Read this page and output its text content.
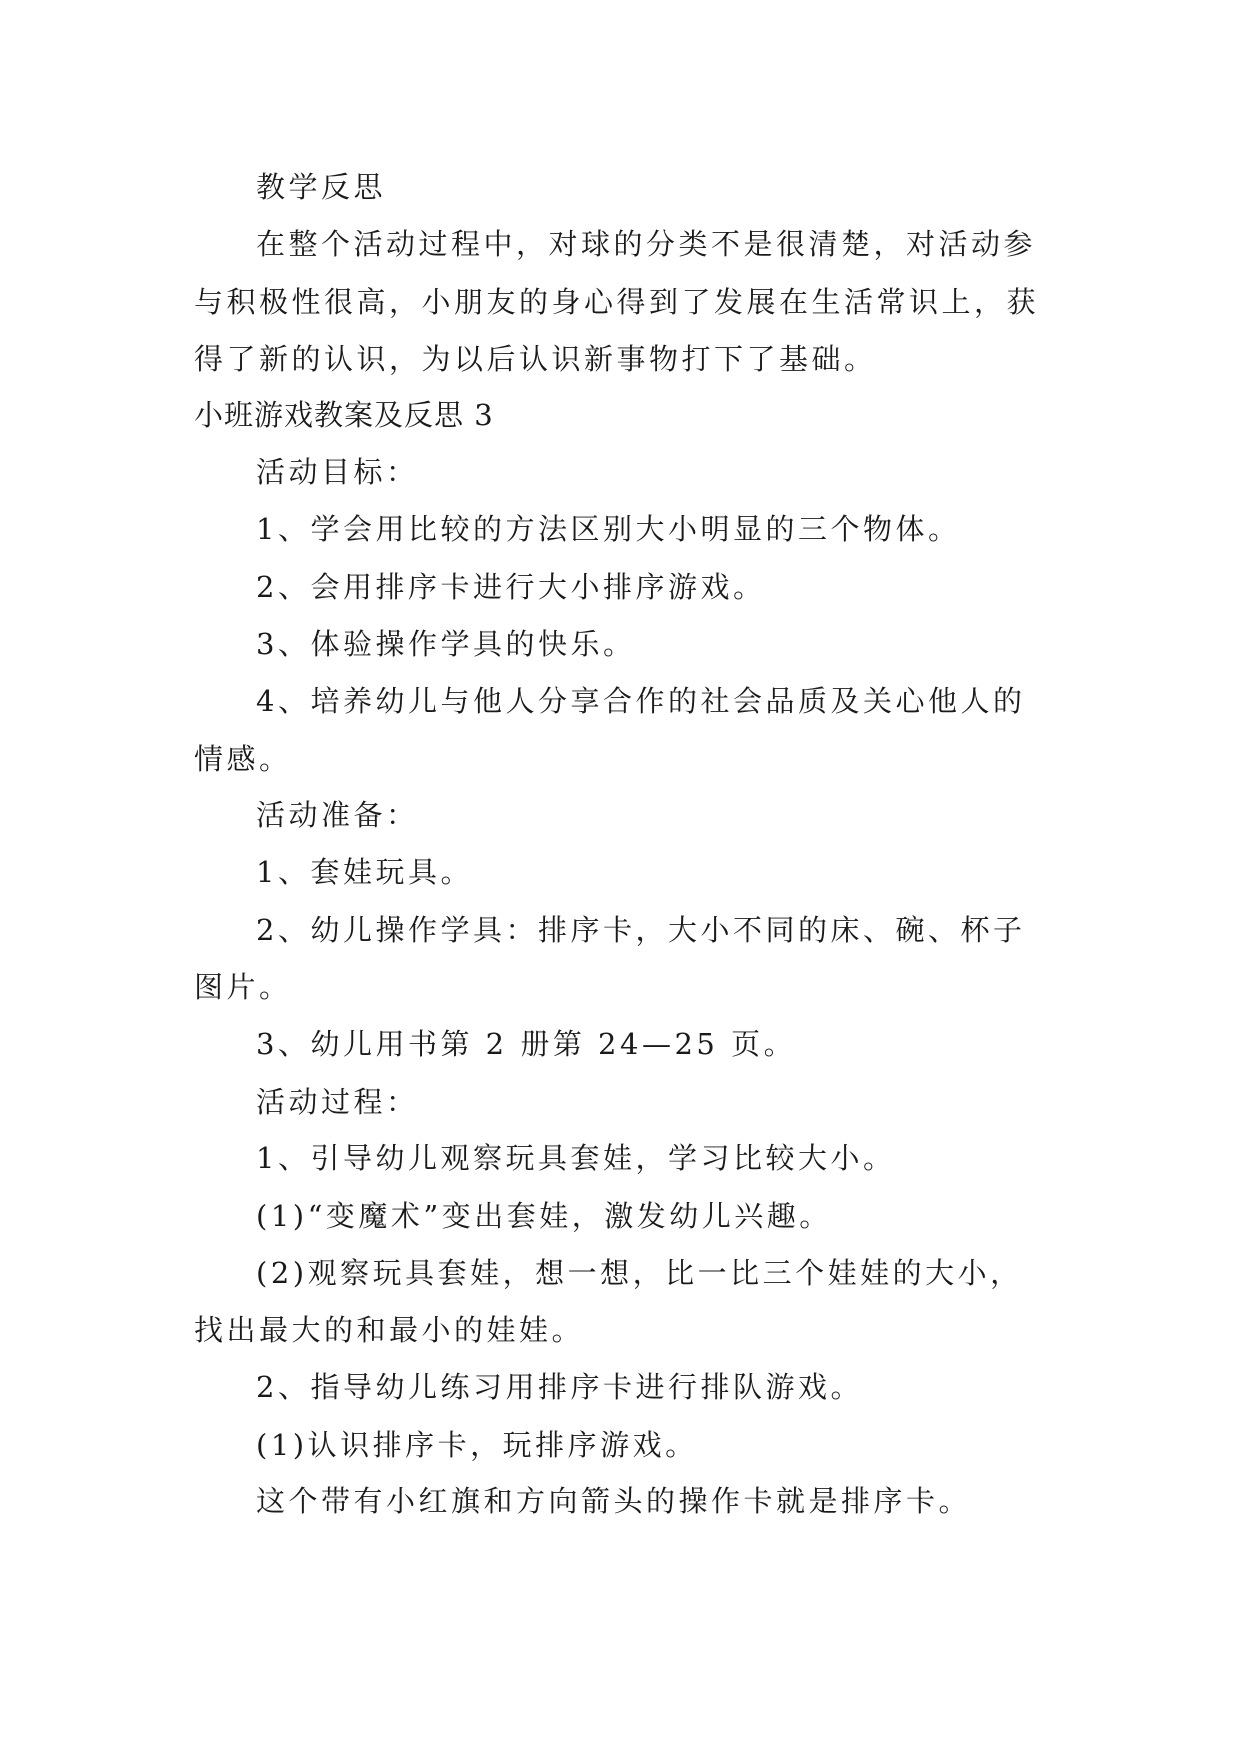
教学反思
在整个活动过程中，对球的分类不是很清楚，对活动参
与积极性很高，小朋友的身心得到了发展在生活常识上，获
得了新的认识，为以后认识新事物打下了基础。
小班游戏教案及反思 3
活动目标：
1、学会用比较的方法区别大小明显的三个物体。
2、会用排序卡进行大小排序游戏。
3、体验操作学具的快乐。
4、培养幼儿与他人分享合作的社会品质及关心他人的
情感。
活动准备：
1、套娃玩具。
2、幼儿操作学具：排序卡，大小不同的床、碗、杯子
图片。
3、幼儿用书第 2 册第 24—25 页。
活动过程：
1、引导幼儿观察玩具套娃，学习比较大小。
(1)“变魔术”变出套娃，激发幼儿兴趣。
(2)观察玩具套娃，想一想，比一比三个娃娃的大小，
找出最大的和最小的娃娃。
2、指导幼儿练习用排序卡进行排队游戏。
(1)认识排序卡，玩排序游戏。
这个带有小红旗和方向箭头的操作卡就是排序卡。
